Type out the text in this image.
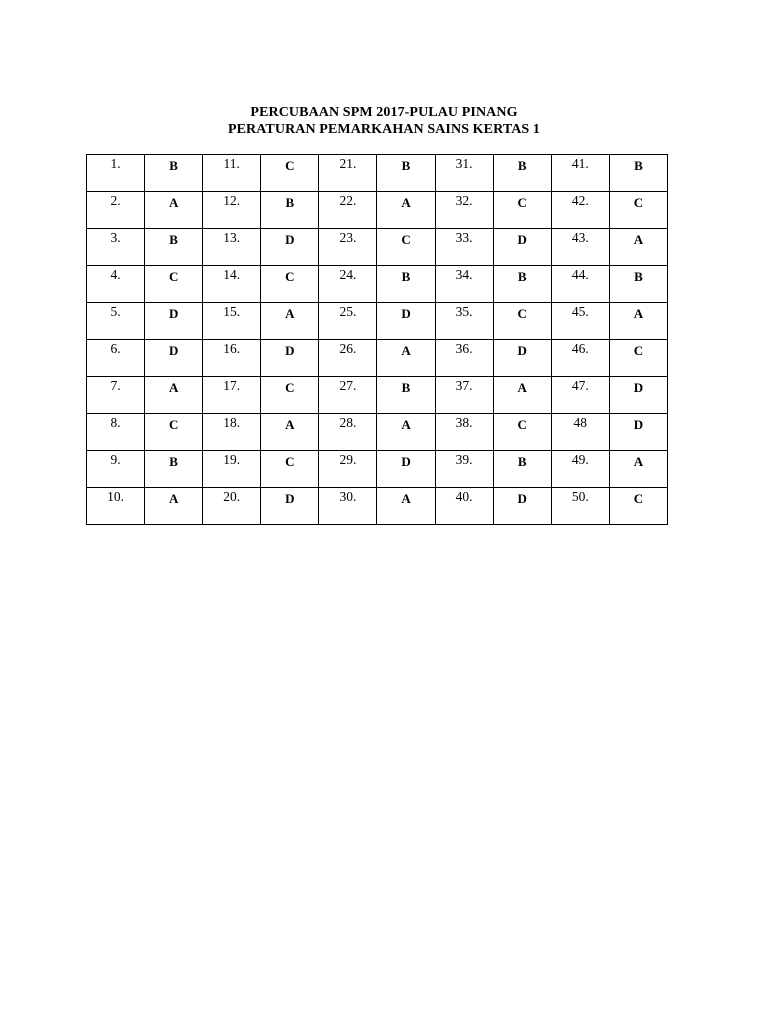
PERCUBAAN SPM 2017-PULAU PINANG
PERATURAN PEMARKAHAN SAINS KERTAS 1
1.	B	11.	C	21.	B	31.	B	41.	B
2.	A	12.	B	22.	A	32.	C	42.	C
3.	B	13.	D	23.	C	33.	D	43.	A
4.	C	14.	C	24.	B	34.	B	44.	B
5.	D	15.	A	25.	D	35.	C	45.	A
6.	D	16.	D	26.	A	36.	D	46.	C
7.	A	17.	C	27.	B	37.	A	47.	D
8.	C	18.	A	28.	A	38.	C	48	D
9.	B	19.	C	29.	D	39.	B	49.	A
10.	A	20.	D	30.	A	40.	D	50.	C
